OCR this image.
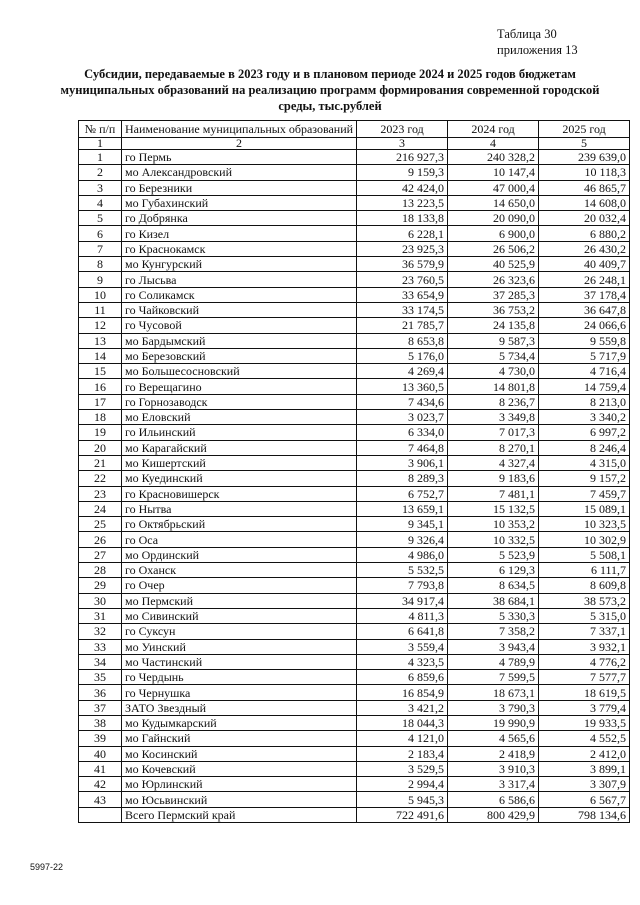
Таблица 30
приложения 13
Субсидии, передаваемые в 2023 году и в плановом периоде 2024 и 2025 годов бюджетам муниципальных образований на реализацию программ формирования современной городской среды, тыс.рублей
№ п/п	Наименование муниципальных образований	2023 год	2024 год	2025 год
1	2	3	4	5
1	го Пермь	216 927,3	240 328,2	239 639,0
2	мо Александровский	9 159,3	10 147,4	10 118,3
3	го Березники	42 424,0	47 000,4	46 865,7
4	мо Губахинский	13 223,5	14 650,0	14 608,0
5	го Добрянка	18 133,8	20 090,0	20 032,4
6	го Кизел	6 228,1	6 900,0	6 880,2
7	го Краснокамск	23 925,3	26 506,2	26 430,2
8	мо Кунгурский	36 579,9	40 525,9	40 409,7
9	го Лысьва	23 760,5	26 323,6	26 248,1
10	го Соликамск	33 654,9	37 285,3	37 178,4
11	го Чайковский	33 174,5	36 753,2	36 647,8
12	го Чусовой	21 785,7	24 135,8	24 066,6
13	мо Бардымский	8 653,8	9 587,3	9 559,8
14	мо Березовский	5 176,0	5 734,4	5 717,9
15	мо Большесосновский	4 269,4	4 730,0	4 716,4
16	го Верещагино	13 360,5	14 801,8	14 759,4
17	го Горнозаводск	7 434,6	8 236,7	8 213,0
18	мо Еловский	3 023,7	3 349,8	3 340,2
19	го Ильинский	6 334,0	7 017,3	6 997,2
20	мо Карагайский	7 464,8	8 270,1	8 246,4
21	мо Кишертский	3 906,1	4 327,4	4 315,0
22	мо Куединский	8 289,3	9 183,6	9 157,2
23	го Красновишерск	6 752,7	7 481,1	7 459,7
24	го Нытва	13 659,1	15 132,5	15 089,1
25	го Октябрьский	9 345,1	10 353,2	10 323,5
26	го Оса	9 326,4	10 332,5	10 302,9
27	мо Ординский	4 986,0	5 523,9	5 508,1
28	го Оханск	5 532,5	6 129,3	6 111,7
29	го Очер	7 793,8	8 634,5	8 609,8
30	мо Пермский	34 917,4	38 684,1	38 573,2
31	мо Сивинский	4 811,3	5 330,3	5 315,0
32	го Суксун	6 641,8	7 358,2	7 337,1
33	мо Уинский	3 559,4	3 943,4	3 932,1
34	мо Частинский	4 323,5	4 789,9	4 776,2
35	го Чердынь	6 859,6	7 599,5	7 577,7
36	го Чернушка	16 854,9	18 673,1	18 619,5
37	ЗАТО Звездный	3 421,2	3 790,3	3 779,4
38	мо Кудымкарский	18 044,3	19 990,9	19 933,5
39	мо Гайнский	4 121,0	4 565,6	4 552,5
40	мо Косинский	2 183,4	2 418,9	2 412,0
41	мо Кочевский	3 529,5	3 910,3	3 899,1
42	мо Юрлинский	2 994,4	3 317,4	3 307,9
43	мо Юсьвинский	5 945,3	6 586,6	6 567,7
	Всего Пермский край	722 491,6	800 429,9	798 134,6
5997-22
